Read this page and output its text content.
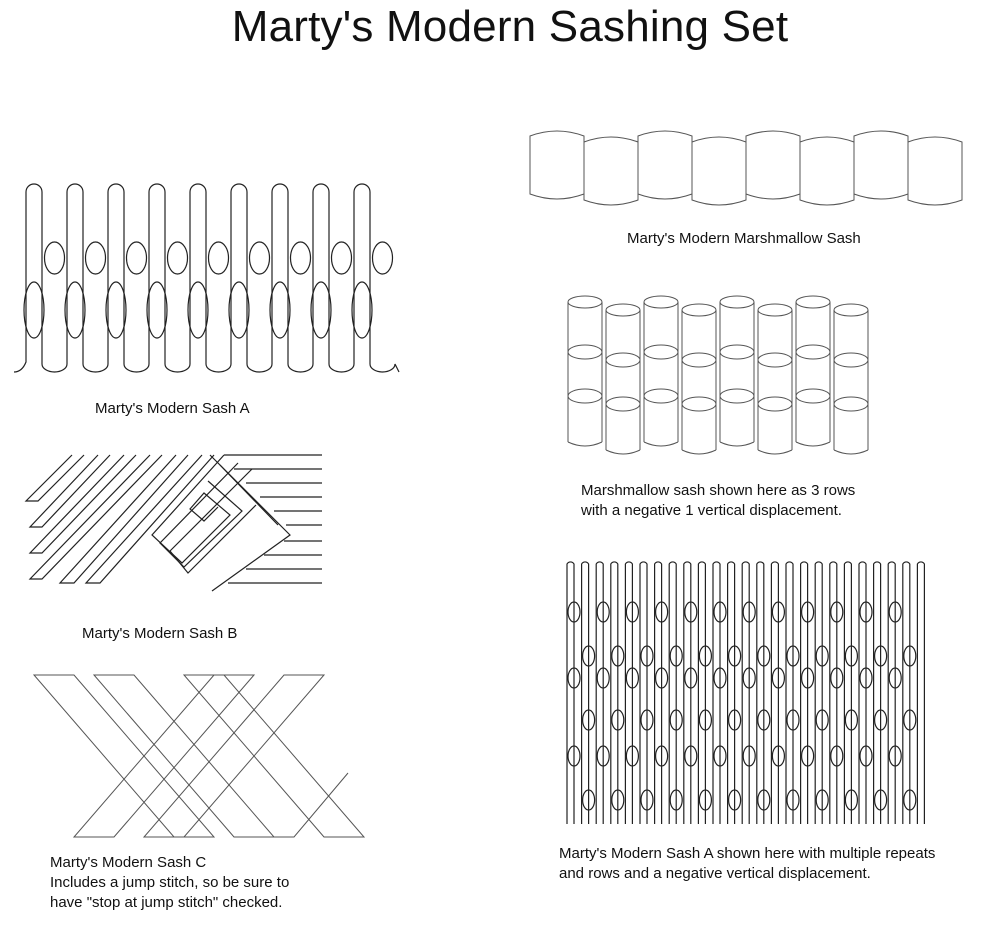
Marty's Modern Sashing Set

Marty's Modern Sash A

Marty's Modern Sash B

Marty's Modern Sash C
Includes a jump stitch, so be sure to
have "stop at jump stitch" checked.

Marty's Modern Marshmallow Sash

Marshmallow sash shown here as 3 rows
with a negative 1 vertical displacement.
Marty's Modern Sash A shown here with multiple repeats
and rows and a negative vertical displacement.
